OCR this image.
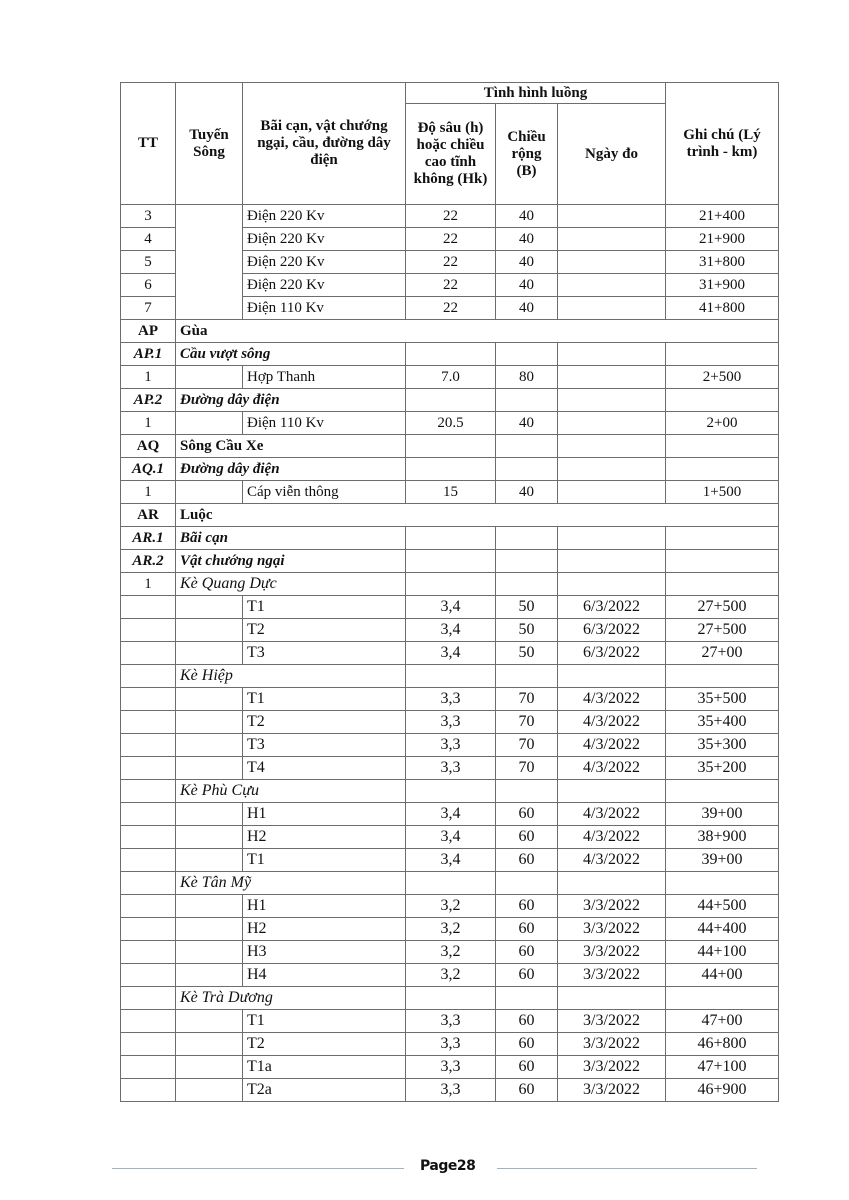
TT	Tuyến Sông	Bãi cạn, vật chướng ngại, cầu, đường dây điện	Tình hình luồng			Ghi chú (Lý trình - km)
			Độ sâu (h) hoặc chiều cao tĩnh không (Hk)	Chiều rộng (B)	Ngày đo	
3		Điện 220 Kv	22	40		21+400
4		Điện 220 Kv	22	40		21+900
5		Điện 220 Kv	22	40		31+800
6		Điện 220 Kv	22	40		31+900
7		Điện 110 Kv	22	40		41+800
AP	Gùa					
AP.1	Cầu vượt sông					
1		Hợp Thanh	7.0	80		2+500
AP.2	Đường dây điện					
1		Điện 110 Kv	20.5	40		2+00
AQ	Sông Cầu Xe					
AQ.1	Đường dây điện					
1		Cáp viễn thông	15	40		1+500
AR	Luộc					
AR.1	Bãi cạn					
AR.2	Vật chướng ngại					
1	Kè Quang Dực					
		T1	3,4	50	6/3/2022	27+500
		T2	3,4	50	6/3/2022	27+500
		T3	3,4	50	6/3/2022	27+00
	Kè Hiệp					
		T1	3,3	70	4/3/2022	35+500
		T2	3,3	70	4/3/2022	35+400
		T3	3,3	70	4/3/2022	35+300
		T4	3,3	70	4/3/2022	35+200
	Kè Phù Cựu					
		H1	3,4	60	4/3/2022	39+00
		H2	3,4	60	4/3/2022	38+900
		T1	3,4	60	4/3/2022	39+00
	Kè Tân Mỹ					
		H1	3,2	60	3/3/2022	44+500
		H2	3,2	60	3/3/2022	44+400
		H3	3,2	60	3/3/2022	44+100
		H4	3,2	60	3/3/2022	44+00
	Kè Trà Dương					
		T1	3,3	60	3/3/2022	47+00
		T2	3,3	60	3/3/2022	46+800
		T1a	3,3	60	3/3/2022	47+100
		T2a	3,3	60	3/3/2022	46+900
Page28
